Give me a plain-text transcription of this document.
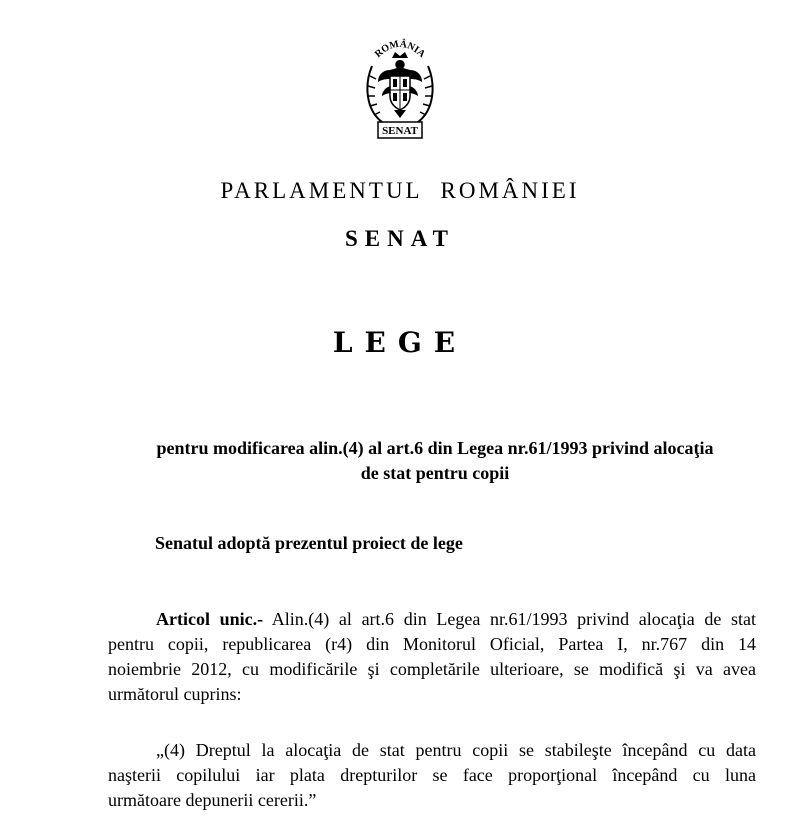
ROMÂNIA
SENAT
PARLAMENTUL ROMÂNIEI
SENAT
LEGE
pentru modificarea alin.(4) al art.6 din Legea nr.61/1993 privind alocaţia
de stat pentru copii
Senatul adoptă prezentul proiect de lege
Articol unic.- Alin.(4) al art.6 din Legea nr.61/1993 privind alocaţia de stat
pentru copii, republicarea (r4) din Monitorul Oficial, Partea I, nr.767 din 14
noiembrie 2012, cu modificările şi completările ulterioare, se modifică şi va avea
următorul cuprins:
„(4) Dreptul la alocaţia de stat pentru copii se stabileşte începând cu data
naşterii copilului iar plata drepturilor se face proporţional începând cu luna
următoare depunerii cererii.”
